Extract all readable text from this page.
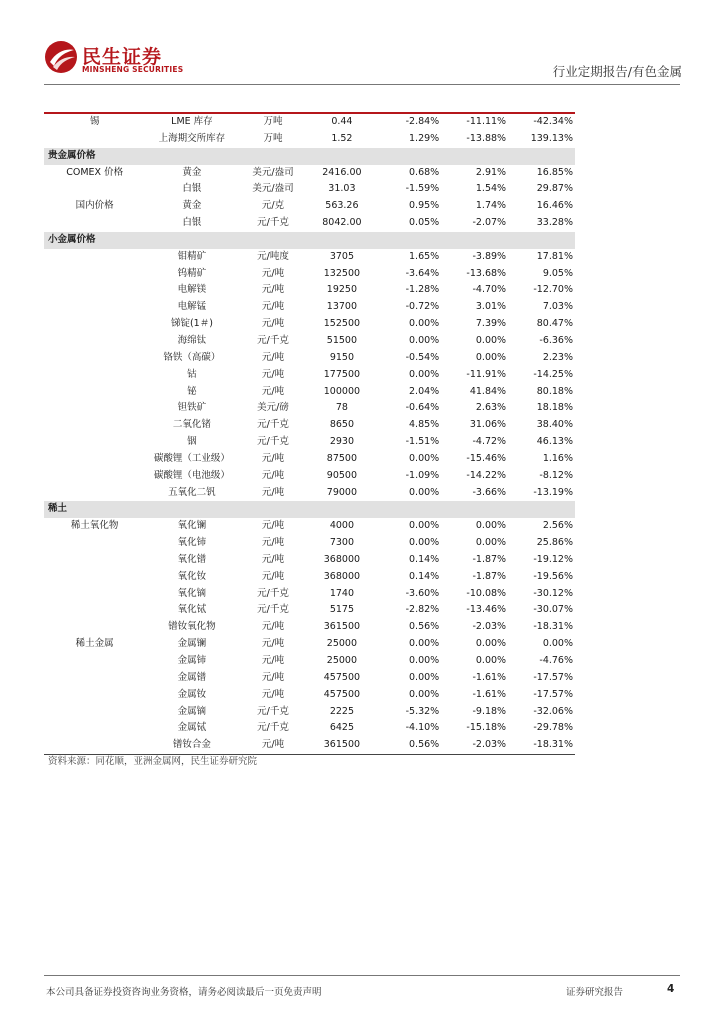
民生证券
MINSHENG SECURITIES	行业定期报告/有色金属
锡	LME 库存	万吨	0.44	-2.84%	-11.11%	-42.34%
	上海期交所库存	万吨	1.52	1.29%	-13.88%	139.13%
贵金属价格						
COMEX 价格	黄金	美元/盎司	2416.00	0.68%	2.91%	16.85%
	白银	美元/盎司	31.03	-1.59%	1.54%	29.87%
国内价格	黄金	元/克	563.26	0.95%	1.74%	16.46%
	白银	元/千克	8042.00	0.05%	-2.07%	33.28%
小金属价格						
	钼精矿	元/吨度	3705	1.65%	-3.89%	17.81%
	钨精矿	元/吨	132500	-3.64%	-13.68%	9.05%
	电解镁	元/吨	19250	-1.28%	-4.70%	-12.70%
	电解锰	元/吨	13700	-0.72%	3.01%	7.03%
	锑锭(1＃)	元/吨	152500	0.00%	7.39%	80.47%
	海绵钛	元/千克	51500	0.00%	0.00%	-6.36%
	铬铁（高碳）	元/吨	9150	-0.54%	0.00%	2.23%
	钴	元/吨	177500	0.00%	-11.91%	-14.25%
	铋	元/吨	100000	2.04%	41.84%	80.18%
	钽铁矿	美元/磅	78	-0.64%	2.63%	18.18%
	二氧化锗	元/千克	8650	4.85%	31.06%	38.40%
	铟	元/千克	2930	-1.51%	-4.72%	46.13%
	碳酸锂（工业级）	元/吨	87500	0.00%	-15.46%	1.16%
	碳酸锂（电池级）	元/吨	90500	-1.09%	-14.22%	-8.12%
	五氧化二钒	元/吨	79000	0.00%	-3.66%	-13.19%
稀土						
稀土氧化物	氧化镧	元/吨	4000	0.00%	0.00%	2.56%
	氧化铈	元/吨	7300	0.00%	0.00%	25.86%
	氧化镨	元/吨	368000	0.14%	-1.87%	-19.12%
	氧化钕	元/吨	368000	0.14%	-1.87%	-19.56%
	氧化镝	元/千克	1740	-3.60%	-10.08%	-30.12%
	氧化铽	元/千克	5175	-2.82%	-13.46%	-30.07%
	镨钕氧化物	元/吨	361500	0.56%	-2.03%	-18.31%
稀土金属	金属镧	元/吨	25000	0.00%	0.00%	0.00%
	金属铈	元/吨	25000	0.00%	0.00%	-4.76%
	金属镨	元/吨	457500	0.00%	-1.61%	-17.57%
	金属钕	元/吨	457500	0.00%	-1.61%	-17.57%
	金属镝	元/千克	2225	-5.32%	-9.18%	-32.06%
	金属铽	元/千克	6425	-4.10%	-15.18%	-29.78%
	镨钕合金	元/吨	361500	0.56%	-2.03%	-18.31%
资料来源：同花顺，亚洲金属网，民生证券研究院
本公司具备证券投资咨询业务资格，请务必阅读最后一页免责声明	证券研究报告	4
